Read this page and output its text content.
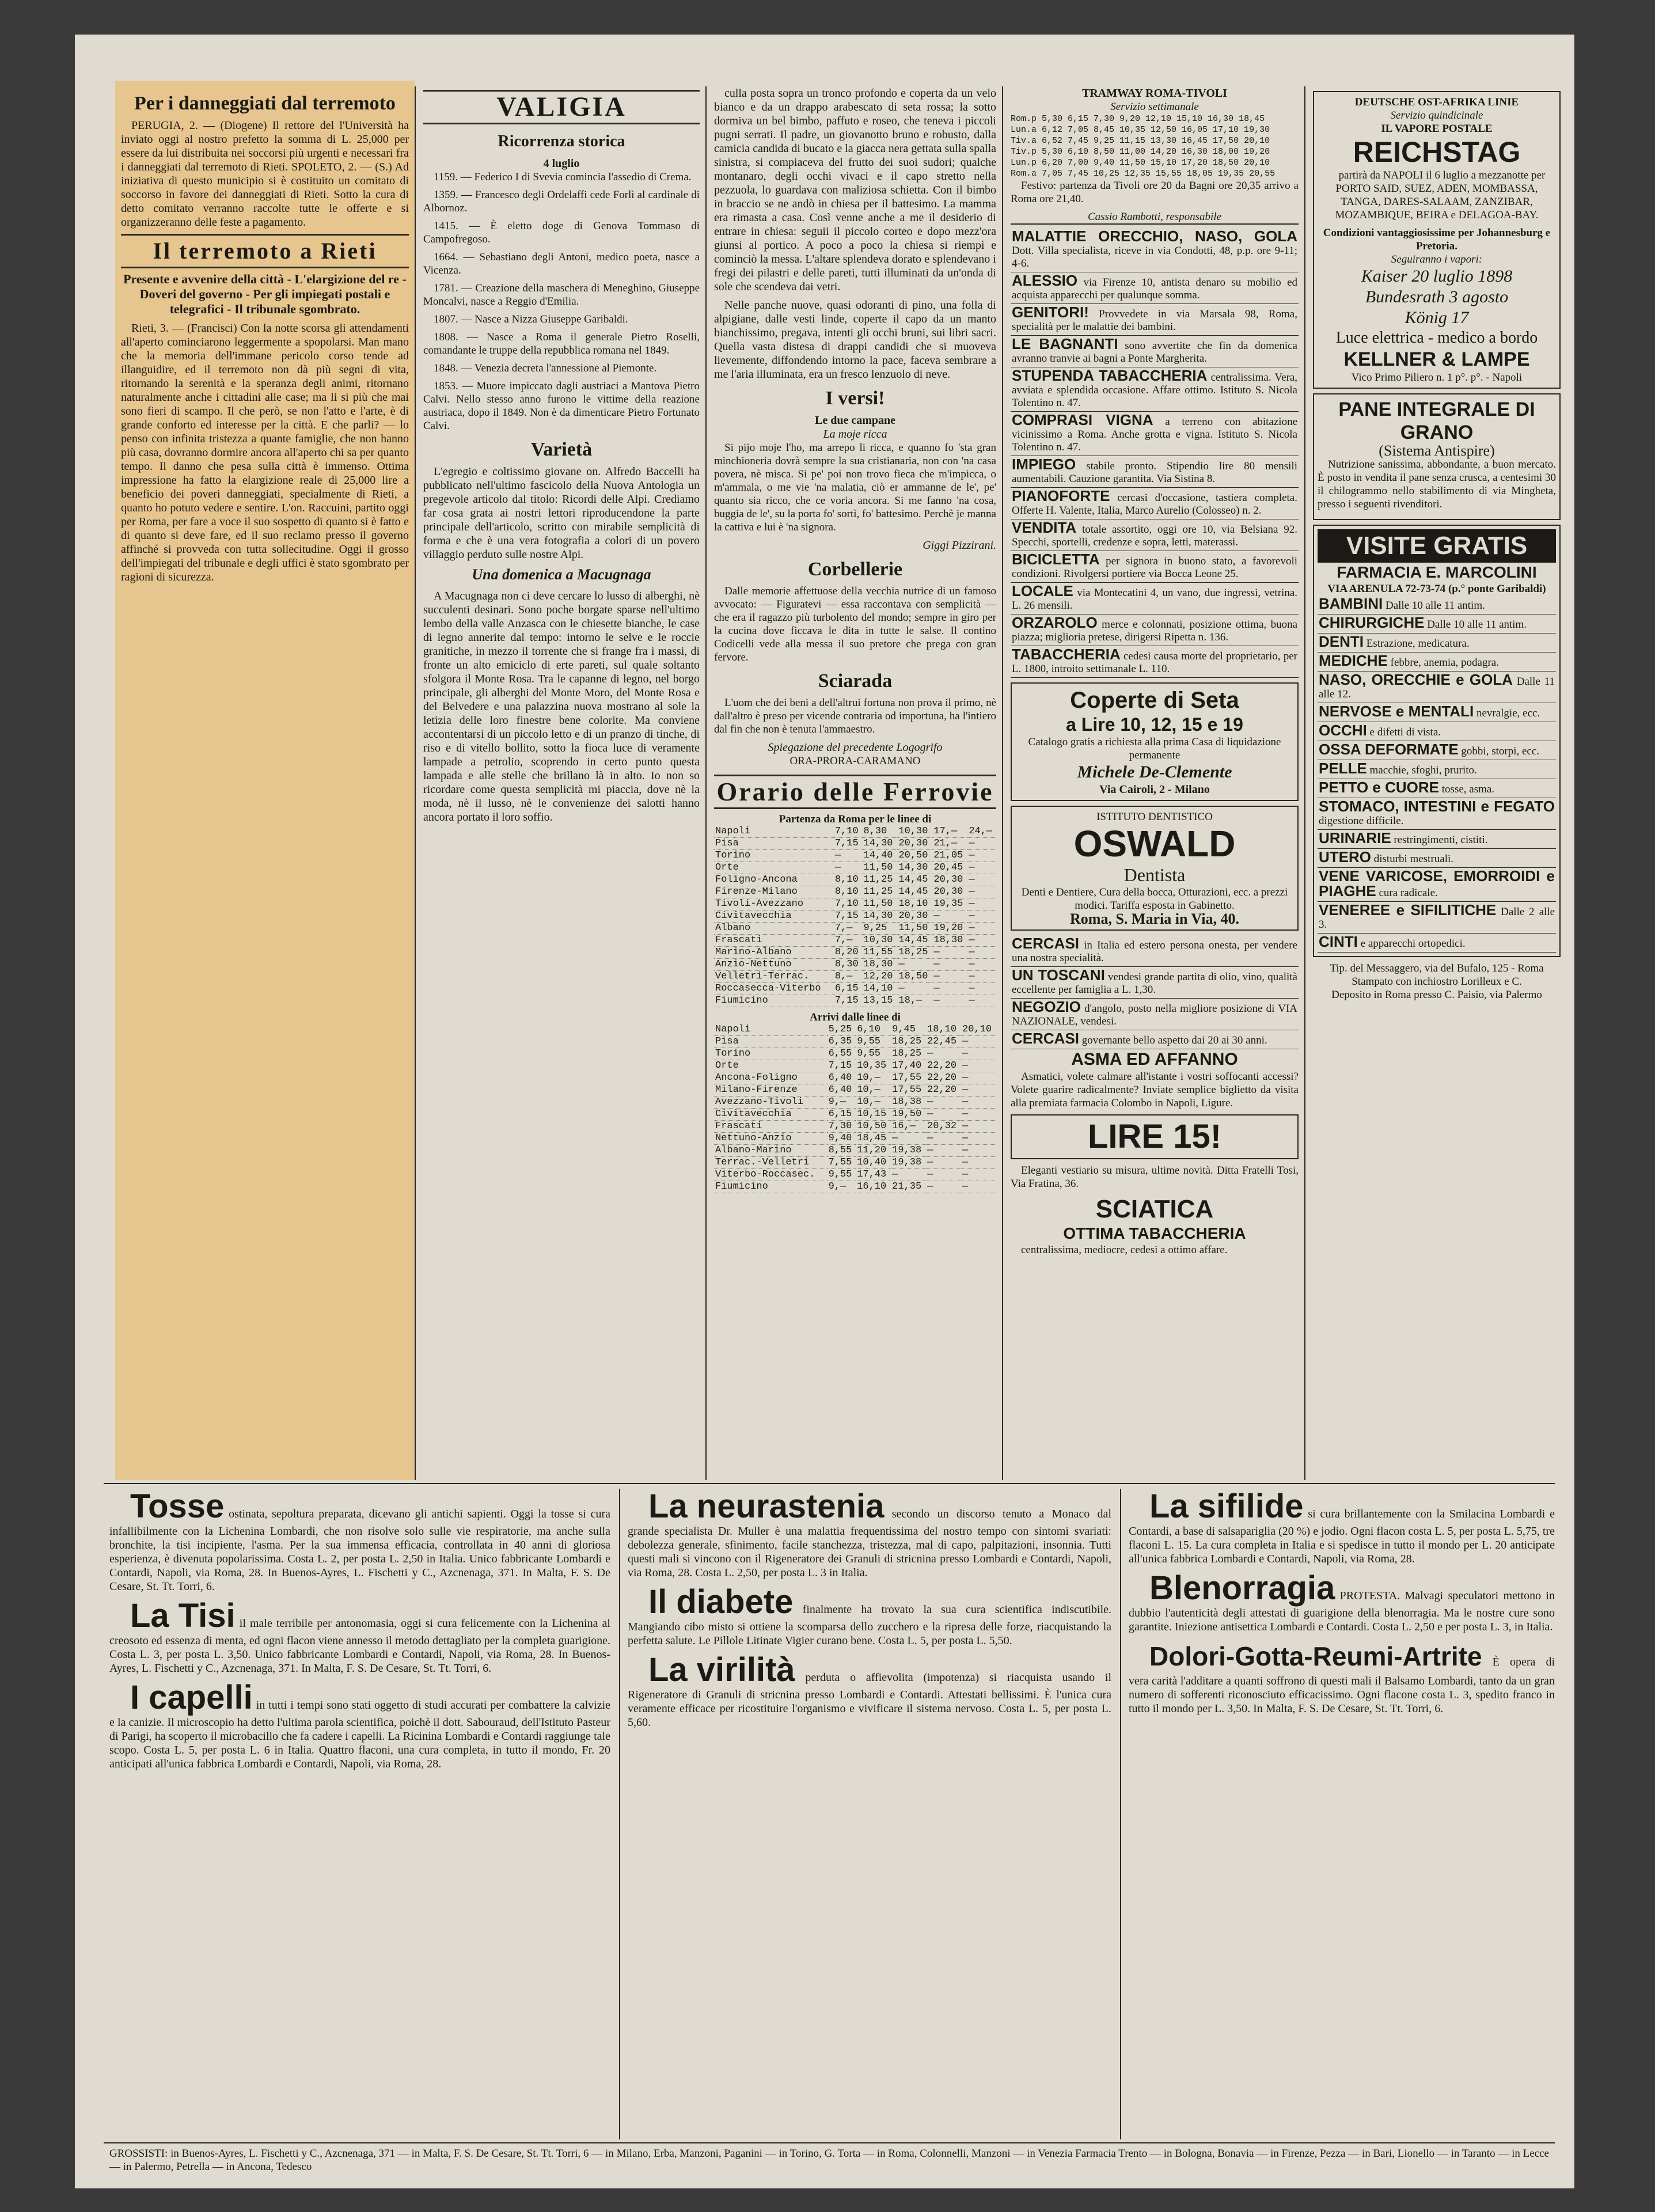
Per i danneggiati dal terremoto

PERUGIA, 2. — (Diogene) Il rettore del l'Università ha inviato oggi al nostro prefetto la somma di L. 25,000 per essere da lui distribuita nei soccorsi più urgenti e necessari fra i danneggiati dal terremoto di Rieti. SPOLETO, 2. — (S.) Ad iniziativa di questo municipio si è costituito un comitato di soccorso in favore dei danneggiati di Rieti. Sotto la cura di detto comitato verranno raccolte tutte le offerte e si organizzeranno delle feste a pagamento.

Il terremoto a Rieti
Presente e avvenire della città - L'elargizione del re - Doveri del governo - Per gli impiegati postali e telegrafici - Il tribunale sgombrato.

Rieti, 3. — (Francisci) Con la notte scorsa gli attendamenti all'aperto cominciarono leggermente a spopolarsi. Man mano che la memoria dell'immane pericolo corso tende ad illanguidire, ed il terremoto non dà più segni di vita, ritornando la serenità e la speranza degli animi, ritornano naturalmente anche i cittadini alle case; ma li si più che mai sono fieri di scampo. Il che però, se non l'atto e l'arte, è di grande conforto ed interesse per la città. E che parli? — lo penso con infinita tristezza a quante famiglie, che non hanno più casa, dovranno dormire ancora all'aperto chi sa per quanto tempo. Il danno che pesa sulla città è immenso. Ottima impressione ha fatto la elargizione reale di 25,000 lire a beneficio dei poveri danneggiati, specialmente di Rieti, a quanto ho potuto vedere e sentire. L'on. Raccuini, partito oggi per Roma, per fare a voce il suo sospetto di quanto si è fatto e di quanto si deve fare, ed il suo reclamo presso il governo affinché si provveda con tutta sollecitudine. Oggi il grosso dell'impiegati del tribunale e degli uffici è stato sgombrato per ragioni di sicurezza.

VALIGIA
Ricorrenza storica
4 luglio

1159. — Federico I di Svevia comincia l'assedio di Crema.

1359. — Francesco degli Ordelaffi cede Forlì al cardinale di Albornoz.

1415. — È eletto doge di Genova Tommaso di Campofregoso.

1664. — Sebastiano degli Antoni, medico poeta, nasce a Vicenza.

1781. — Creazione della maschera di Meneghino, Giuseppe Moncalvi, nasce a Reggio d'Emilia.

1807. — Nasce a Nizza Giuseppe Garibaldi.

1808. — Nasce a Roma il generale Pietro Roselli, comandante le truppe della repubblica romana nel 1849.

1848. — Venezia decreta l'annessione al Piemonte.

1853. — Muore impiccato dagli austriaci a Mantova Pietro Calvi. Nello stesso anno furono le vittime della reazione austriaca, dopo il 1849. Non è da dimenticare Pietro Fortunato Calvi.

Varietà

L'egregio e coltissimo giovane on. Alfredo Baccelli ha pubblicato nell'ultimo fascicolo della Nuova Antologia un pregevole articolo dal titolo: Ricordi delle Alpi. Crediamo far cosa grata ai nostri lettori riproducendone la parte principale dell'articolo, scritto con mirabile semplicità di forma e che è una vera fotografia a colori di un povero villaggio perduto sulle nostre Alpi.

Una domenica a Macugnaga

A Macugnaga non ci deve cercare lo lusso di alberghi, nè succulenti desinari. Sono poche borgate sparse nell'ultimo lembo della valle Anzasca con le chiesette bianche, le case di legno annerite dal tempo: intorno le selve e le roccie granitiche, in mezzo il torrente che si frange fra i massi, di fronte un alto emiciclo di erte pareti, sul quale soltanto sfolgora il Monte Rosa. Tra le capanne di legno, nel borgo principale, gli alberghi del Monte Moro, del Monte Rosa e del Belvedere e una palazzina nuova mostrano al sole la letizia delle loro finestre bene colorite. Ma conviene accontentarsi di un piccolo letto e di un pranzo di tinche, di riso e di vitello bollito, sotto la fioca luce di veramente lampade a petrolio, scoprendo in certo punto questa lampada e alle stelle che brillano là in alto. Io non so ricordare come questa semplicità mi piaccia, dove nè la moda, nè il lusso, nè le convenienze dei salotti hanno ancora portato il loro soffio.

culla posta sopra un tronco profondo e coperta da un velo bianco e da un drappo arabescato di seta rossa; la sotto dormiva un bel bimbo, paffuto e roseo, che teneva i piccoli pugni serrati. Il padre, un giovanotto bruno e robusto, dalla camicia candida di bucato e la giacca nera gettata sulla spalla sinistra, si compiaceva del frutto dei suoi sudori; qualche montanaro, degli occhi vivaci e il capo stretto nella pezzuola, lo guardava con maliziosa schietta. Con il bimbo in braccio se ne andò in chiesa per il battesimo. La mamma era rimasta a casa. Così venne anche a me il desiderio di entrare in chiesa: seguii il piccolo corteo e dopo mezz'ora giunsi al portico. A poco a poco la chiesa si riempì e cominciò la messa. L'altare splendeva dorato e splendevano i fregi dei pilastri e delle pareti, tutti illuminati da un'onda di sole che scendeva dai vetri.

Nelle panche nuove, quasi odoranti di pino, una folla di alpigiane, dalle vesti linde, coperte il capo da un manto bianchissimo, pregava, intenti gli occhi bruni, sui libri sacri. Quella vasta distesa di drappi candidi che si muoveva lievemente, diffondendo intorno la pace, faceva sembrare a me l'aria illuminata, era un fresco lenzuolo di neve.

I versi!
Le due campane
La moje ricca

Si pijo moje l'ho, ma arrepo li ricca, e quanno fo 'sta gran minchioneria dovrà sempre la sua cristianaria, non con 'na casa povera, nè misca. Si pe' poi non trovo fieca che m'impicca, o m'ammala, o me vie 'na malatia, ciò er ammanne de le', pe' quanto sia ricco, che ce voria ancora. Si me fanno 'na cosa, buggia de le', su la porta fo' sortì, fo' battesimo. Perchè je manna la cattiva e lui è 'na signora.

Giggi Pizzirani.
Corbellerie

Dalle memorie affettuose della vecchia nutrice di un famoso avvocato: — Figuratevi — essa raccontava con semplicità — che era il ragazzo più turbolento del mondo; sempre in giro per la cucina dove ficcava le dita in tutte le salse. Il contino Codicelli vede alla messa il suo pretore che prega con gran fervore.

Sciarada

L'uom che dei beni a dell'altrui fortuna non prova il primo, nè dall'altro è preso per vicende contraria od importuna, ha l'intiero dal fin che non è tenuta l'ammaestro.

Spiegazione del precedente Logogrifo
ORA-PRORA-CARAMANO
Orario delle Ferrovie
Partenza da Roma per le linee di
Napoli	7,10	8,30	10,30	17,—	24,—
Pisa	7,15	14,30	20,30	21,—	—
Torino	—	14,40	20,50	21,05	—
Orte	—	11,50	14,30	20,45	—
Foligno-Ancona	8,10	11,25	14,45	20,30	—
Firenze-Milano	8,10	11,25	14,45	20,30	—
Tivoli-Avezzano	7,10	11,50	18,10	19,35	—
Civitavecchia	7,15	14,30	20,30	—	—
Albano	7,—	9,25	11,50	19,20	—
Frascati	7,—	10,30	14,45	18,30	—
Marino-Albano	8,20	11,55	18,25	—	—
Anzio-Nettuno	8,30	18,30	—	—	—
Velletri-Terrac.	8,—	12,20	18,50	—	—
Roccasecca-Viterbo	6,15	14,10	—	—	—
Fiumicino	7,15	13,15	18,—	—	—
Arrivi dalle linee di
Napoli	5,25	6,10	9,45	18,10	20,10
Pisa	6,35	9,55	18,25	22,45	—
Torino	6,55	9,55	18,25	—	—
Orte	7,15	10,35	17,40	22,20	—
Ancona-Foligno	6,40	10,—	17,55	22,20	—
Milano-Firenze	6,40	10,—	17,55	22,20	—
Avezzano-Tivoli	9,—	10,—	18,38	—	—
Civitavecchia	6,15	10,15	19,50	—	—
Frascati	7,30	10,50	16,—	20,32	—
Nettuno-Anzio	9,40	18,45	—	—	—
Albano-Marino	8,55	11,20	19,38	—	—
Terrac.-Velletri	7,55	10,40	19,38	—	—
Viterbo-Roccasec.	9,55	17,43	—	—	—
Fiumicino	9,—	16,10	21,35	—	—
TRAMWAY ROMA-TIVOLI
Servizio settimanale
Rom.p 5,30 6,15 7,30 9,20 12,10 15,10 16,30 18,45
Lun.a 6,12 7,05 8,45 10,35 12,50 16,05 17,10 19,30
Tiv.a 6,52 7,45 9,25 11,15 13,30 16,45 17,50 20,10
Tiv.p 5,30 6,10 8,50 11,00 14,20 16,30 18,00 19,20
Lun.p 6,20 7,00 9,40 11,50 15,10 17,20 18,50 20,10
Rom.a 7,05 7,45 10,25 12,35 15,55 18,05 19,35 20,55

Festivo: partenza da Tivoli ore 20 da Bagni ore 20,35 arrivo a Roma ore 21,40.

Cassio Rambotti, responsabile
MALATTIE ORECCHIO, NASO, GOLA Dott. Villa specialista, riceve in via Condotti, 48, p.p. ore 9-11; 4-6.
ALESSIO via Firenze 10, antista denaro su mobilio ed acquista apparecchi per qualunque somma.
GENITORI! Provvedete in via Marsala 98, Roma, specialità per le malattie dei bambini.
LE BAGNANTI sono avvertite che fin da domenica avranno tranvie ai bagni a Ponte Margherita.
STUPENDA TABACCHERIA centralissima. Vera, avviata e splendida occasione. Affare ottimo. Istituto S. Nicola Tolentino n. 47.
COMPRASI VIGNA a terreno con abitazione vicinissimo a Roma. Anche grotta e vigna. Istituto S. Nicola Tolentino n. 47.
IMPIEGO stabile pronto. Stipendio lire 80 mensili aumentabili. Cauzione garantita. Via Sistina 8.
PIANOFORTE cercasi d'occasione, tastiera completa. Offerte H. Valente, Italia, Marco Aurelio (Colosseo) n. 2.
VENDITA totale assortito, oggi ore 10, via Belsiana 92. Specchi, sportelli, credenze e sopra, letti, materassi.
BICICLETTA per signora in buono stato, a favorevoli condizioni. Rivolgersi portiere via Bocca Leone 25.
LOCALE via Montecatini 4, un vano, due ingressi, vetrina. L. 26 mensili.
ORZAROLO merce e colonnati, posizione ottima, buona piazza; miglioria pretese, dirigersi Ripetta n. 136.
TABACCHERIA cedesi causa morte del proprietario, per L. 1800, introito settimanale L. 110.
Coperte di Seta
a Lire 10, 12, 15 e 19
Catalogo gratis a richiesta alla prima Casa di liquidazione permanente
Michele De-Clemente
Via Cairoli, 2 - Milano
ISTITUTO DENTISTICO
OSWALD
Dentista
Denti e Dentiere, Cura della bocca, Otturazioni, ecc. a prezzi modici. Tariffa esposta in Gabinetto.
Roma, S. Maria in Via, 40.
CERCASI in Italia ed estero persona onesta, per vendere una nostra specialità.
UN TOSCANI vendesi grande partita di olio, vino, qualità eccellente per famiglia a L. 1,30.
NEGOZIO d'angolo, posto nella migliore posizione di VIA NAZIONALE, vendesi.
CERCASI governante bello aspetto dai 20 ai 30 anni.
ASMA ED AFFANNO

Asmatici, volete calmare all'istante i vostri soffocanti accessi? Volete guarire radicalmente? Inviate semplice biglietto da visita alla premiata farmacia Colombo in Napoli, Ligure.

LIRE 15!

Eleganti vestiario su misura, ultime novità. Ditta Fratelli Tosi, Via Fratina, 36.

SCIATICA
OTTIMA TABACCHERIA

centralissima, mediocre, cedesi a ottimo affare.

DEUTSCHE OST-AFRIKA LINIE
Servizio quindicinale
IL VAPORE POSTALE
REICHSTAG

partirà da NAPOLI il 6 luglio a mezzanotte per PORTO SAID, SUEZ, ADEN, MOMBASSA, TANGA, DARES-SALAAM, ZANZIBAR, MOZAMBIQUE, BEIRA e DELAGOA-BAY.

Condizioni vantaggiosissime per Johannesburg e Pretoria.
Seguiranno i vapori:
Kaiser 20 luglio 1898
Bundesrath 3 agosto
König 17
Luce elettrica - medico a bordo
KELLNER & LAMPE
Vico Primo Piliero n. 1 p°. p°. - Napoli
PANE INTEGRALE DI GRANO
(Sistema Antispire)

Nutrizione sanissima, abbondante, a buon mercato. È posto in vendita il pane senza crusca, a centesimi 30 il chilogrammo nello stabilimento di via Mingheta, presso i seguenti rivenditori.

VISITE GRATIS
FARMACIA E. MARCOLINI
VIA ARENULA 72-73-74 (p.° ponte Garibaldi)
BAMBINI Dalle 10 alle 11 antim.
CHIRURGICHE Dalle 10 alle 11 antim.
DENTI Estrazione, medicatura.
MEDICHE febbre, anemia, podagra.
NASO, ORECCHIE e GOLA Dalle 11 alle 12.
NERVOSE e MENTALI nevralgie, ecc.
OCCHI e difetti di vista.
OSSA DEFORMATE gobbi, storpi, ecc.
PELLE macchie, sfoghi, prurito.
PETTO e CUORE tosse, asma.
STOMACO, INTESTINI e FEGATO digestione difficile.
URINARIE restringimenti, cistiti.
UTERO disturbi mestruali.
VENE VARICOSE, EMORROIDI e PIAGHE cura radicale.
VENEREE e SIFILITICHE Dalle 2 alle 3.
CINTI e apparecchi ortopedici.
Tip. del Messaggero, via del Bufalo, 125 - Roma
Stampato con inchiostro Lorilleux e C.
Deposito in Roma presso C. Paisio, via Palermo

Tosse ostinata, sepoltura preparata, dicevano gli antichi sapienti. Oggi la tosse si cura infallibilmente con la Lichenina Lombardi, che non risolve solo sulle vie respiratorie, ma anche sulla bronchite, la tisi incipiente, l'asma. Per la sua immensa efficacia, controllata in 40 anni di gloriosa esperienza, è divenuta popolarissima. Costa L. 2, per posta L. 2,50 in Italia. Unico fabbricante Lombardi e Contardi, Napoli, via Roma, 28. In Buenos-Ayres, L. Fischetti y C., Azcnenaga, 371. In Malta, F. S. De Cesare, St. Tt. Torri, 6.

La Tisi il male terribile per antonomasia, oggi si cura felicemente con la Lichenina al creosoto ed essenza di menta, ed ogni flacon viene annesso il metodo dettagliato per la completa guarigione. Costa L. 3, per posta L. 3,50. Unico fabbricante Lombardi e Contardi, Napoli, via Roma, 28. In Buenos-Ayres, L. Fischetti y C., Azcnenaga, 371. In Malta, F. S. De Cesare, St. Tt. Torri, 6.

I capelli in tutti i tempi sono stati oggetto di studi accurati per combattere la calvizie e la canizie. Il microscopio ha detto l'ultima parola scientifica, poichè il dott. Sabouraud, dell'Istituto Pasteur di Parigi, ha scoperto il microbacillo che fa cadere i capelli. La Ricinina Lombardi e Contardi raggiunge tale scopo. Costa L. 5, per posta L. 6 in Italia. Quattro flaconi, una cura completa, in tutto il mondo, Fr. 20 anticipati all'unica fabbrica Lombardi e Contardi, Napoli, via Roma, 28.

La neurastenia secondo un discorso tenuto a Monaco dal grande specialista Dr. Muller è una malattia frequentissima del nostro tempo con sintomi svariati: debolezza generale, sfinimento, facile stanchezza, tristezza, mal di capo, palpitazioni, insonnia. Tutti questi mali si vincono con il Rigeneratore dei Granuli di stricnina presso Lombardi e Contardi, Napoli, via Roma, 28. Costa L. 2,50, per posta L. 3 in Italia.

Il diabete finalmente ha trovato la sua cura scientifica indiscutibile. Mangiando cibo misto si ottiene la scomparsa dello zucchero e la ripresa delle forze, riacquistando la perfetta salute. Le Pillole Litinate Vigier curano bene. Costa L. 5, per posta L. 5,50.

La virilità perduta o affievolita (impotenza) si riacquista usando il Rigeneratore di Granuli di stricnina presso Lombardi e Contardi. Attestati bellissimi. È l'unica cura veramente efficace per ricostituire l'organismo e vivificare il sistema nervoso. Costa L. 5, per posta L. 5,60.

La sifilide si cura brillantemente con la Smilacina Lombardi e Contardi, a base di salsapariglia (20 %) e jodio. Ogni flacon costa L. 5, per posta L. 5,75, tre flaconi L. 15. La cura completa in Italia e si spedisce in tutto il mondo per L. 20 anticipate all'unica fabbrica Lombardi e Contardi, Napoli, via Roma, 28.

Blenorragia PROTESTA. Malvagi speculatori mettono in dubbio l'autenticità degli attestati di guarigione della blenorragia. Ma le nostre cure sono garantite. Iniezione antisettica Lombardi e Contardi. Costa L. 2,50 e per posta L. 3, in Italia.

Dolori-Gotta-Reumi-Artrite È opera di vera carità l'additare a quanti soffrono di questi mali il Balsamo Lombardi, tanto da un gran numero di sofferenti riconosciuto efficacissimo. Ogni flacone costa L. 3, spedito franco in tutto il mondo per L. 3,50. In Malta, F. S. De Cesare, St. Tt. Torri, 6.

GROSSISTI: in Buenos-Ayres, L. Fischetti y C., Azcnenaga, 371 — in Malta, F. S. De Cesare, St. Tt. Torri, 6 — in Milano, Erba, Manzoni, Paganini — in Torino, G. Torta — in Roma, Colonnelli, Manzoni — in Venezia Farmacia Trento — in Bologna, Bonavia — in Firenze, Pezza — in Bari, Lionello — in Taranto — in Lecce — in Palermo, Petrella — in Ancona, Tedesco
